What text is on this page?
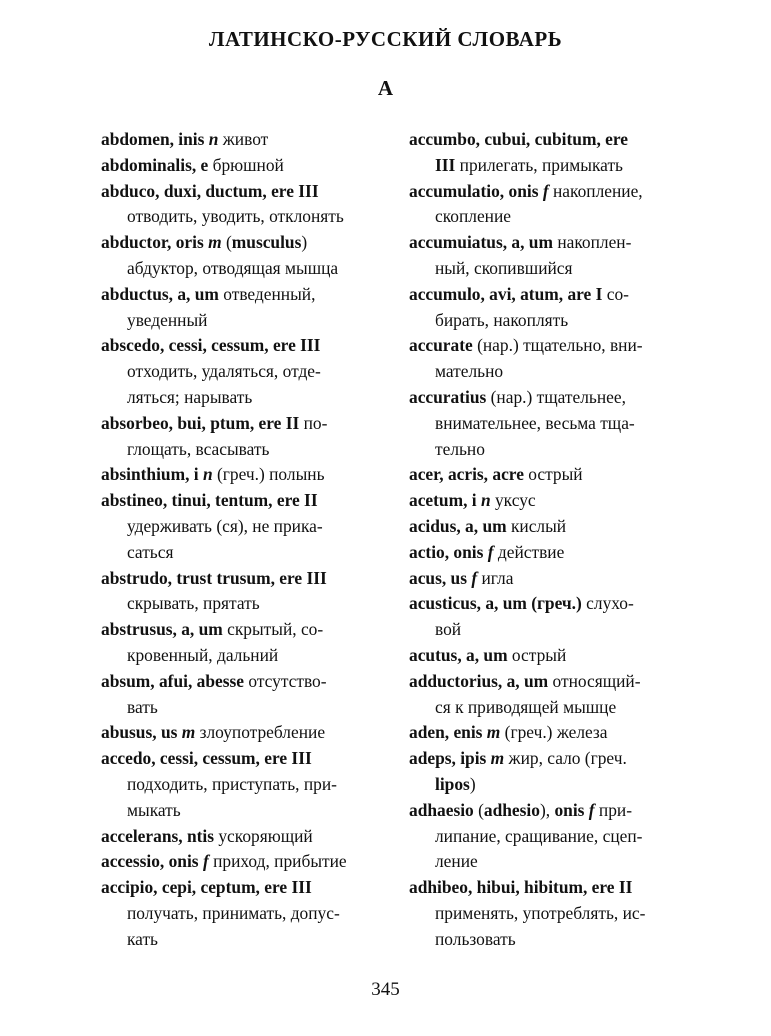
ЛАТИНСКО-РУССКИЙ СЛОВАРЬ
А
abdomen, inis n живот
abdominalis, e брюшной
abduco, duxi, ductum, ere III
отводить, уводить, отклонять
abductor, oris m (musculus)
абдуктор, отводящая мышца
abductus, a, um отведенный,
уведенный
abscedo, cessi, cessum, ere III
отходить, удаляться, отде-
ляться; нарывать
absorbeo, bui, ptum, ere II по-
глощать, всасывать
absinthium, i n (греч.) полынь
abstineo, tinui, tentum, ere II
удерживать (ся), не прика-
саться
abstrudo, trust trusum, ere III
скрывать, прятать
abstrusus, a, um скрытый, со-
кровенный, дальний
absum, afui, abesse отсутство-
вать
abusus, us m злоупотребление
accedo, cessi, cessum, ere III
подходить, приступать, при-
мыкать
accelerans, ntis ускоряющий
accessio, onis f приход, прибытие
accipio, cepi, ceptum, ere III
получать, принимать, допус-
кать
accumbo, cubui, cubitum, ere
III прилегать, примыкать
accumulatio, onis f накопление,
скопление
accumuiatus, a, um накоплен-
ный, скопившийся
accumulo, avi, atum, are I со-
бирать, накоплять
accurate (нар.) тщательно, вни-
мательно
accuratius (нар.) тщательнее,
внимательнее, весьма тща-
тельно
acer, acris, acre острый
acetum, i n уксус
acidus, a, um кислый
actio, onis f действие
acus, us f игла
acusticus, a, um (греч.) слухо-
вой
acutus, a, um острый
adductorius, a, um относящий-
ся к приводящей мышце
aden, enis m (греч.) железа
adeps, ipis m жир, сало (греч.
lipos)
adhaesio (adhesio), onis f при-
липание, сращивание, сцеп-
ление
adhibeo, hibui, hibitum, ere II
применять, употреблять, ис-
пользовать
345
